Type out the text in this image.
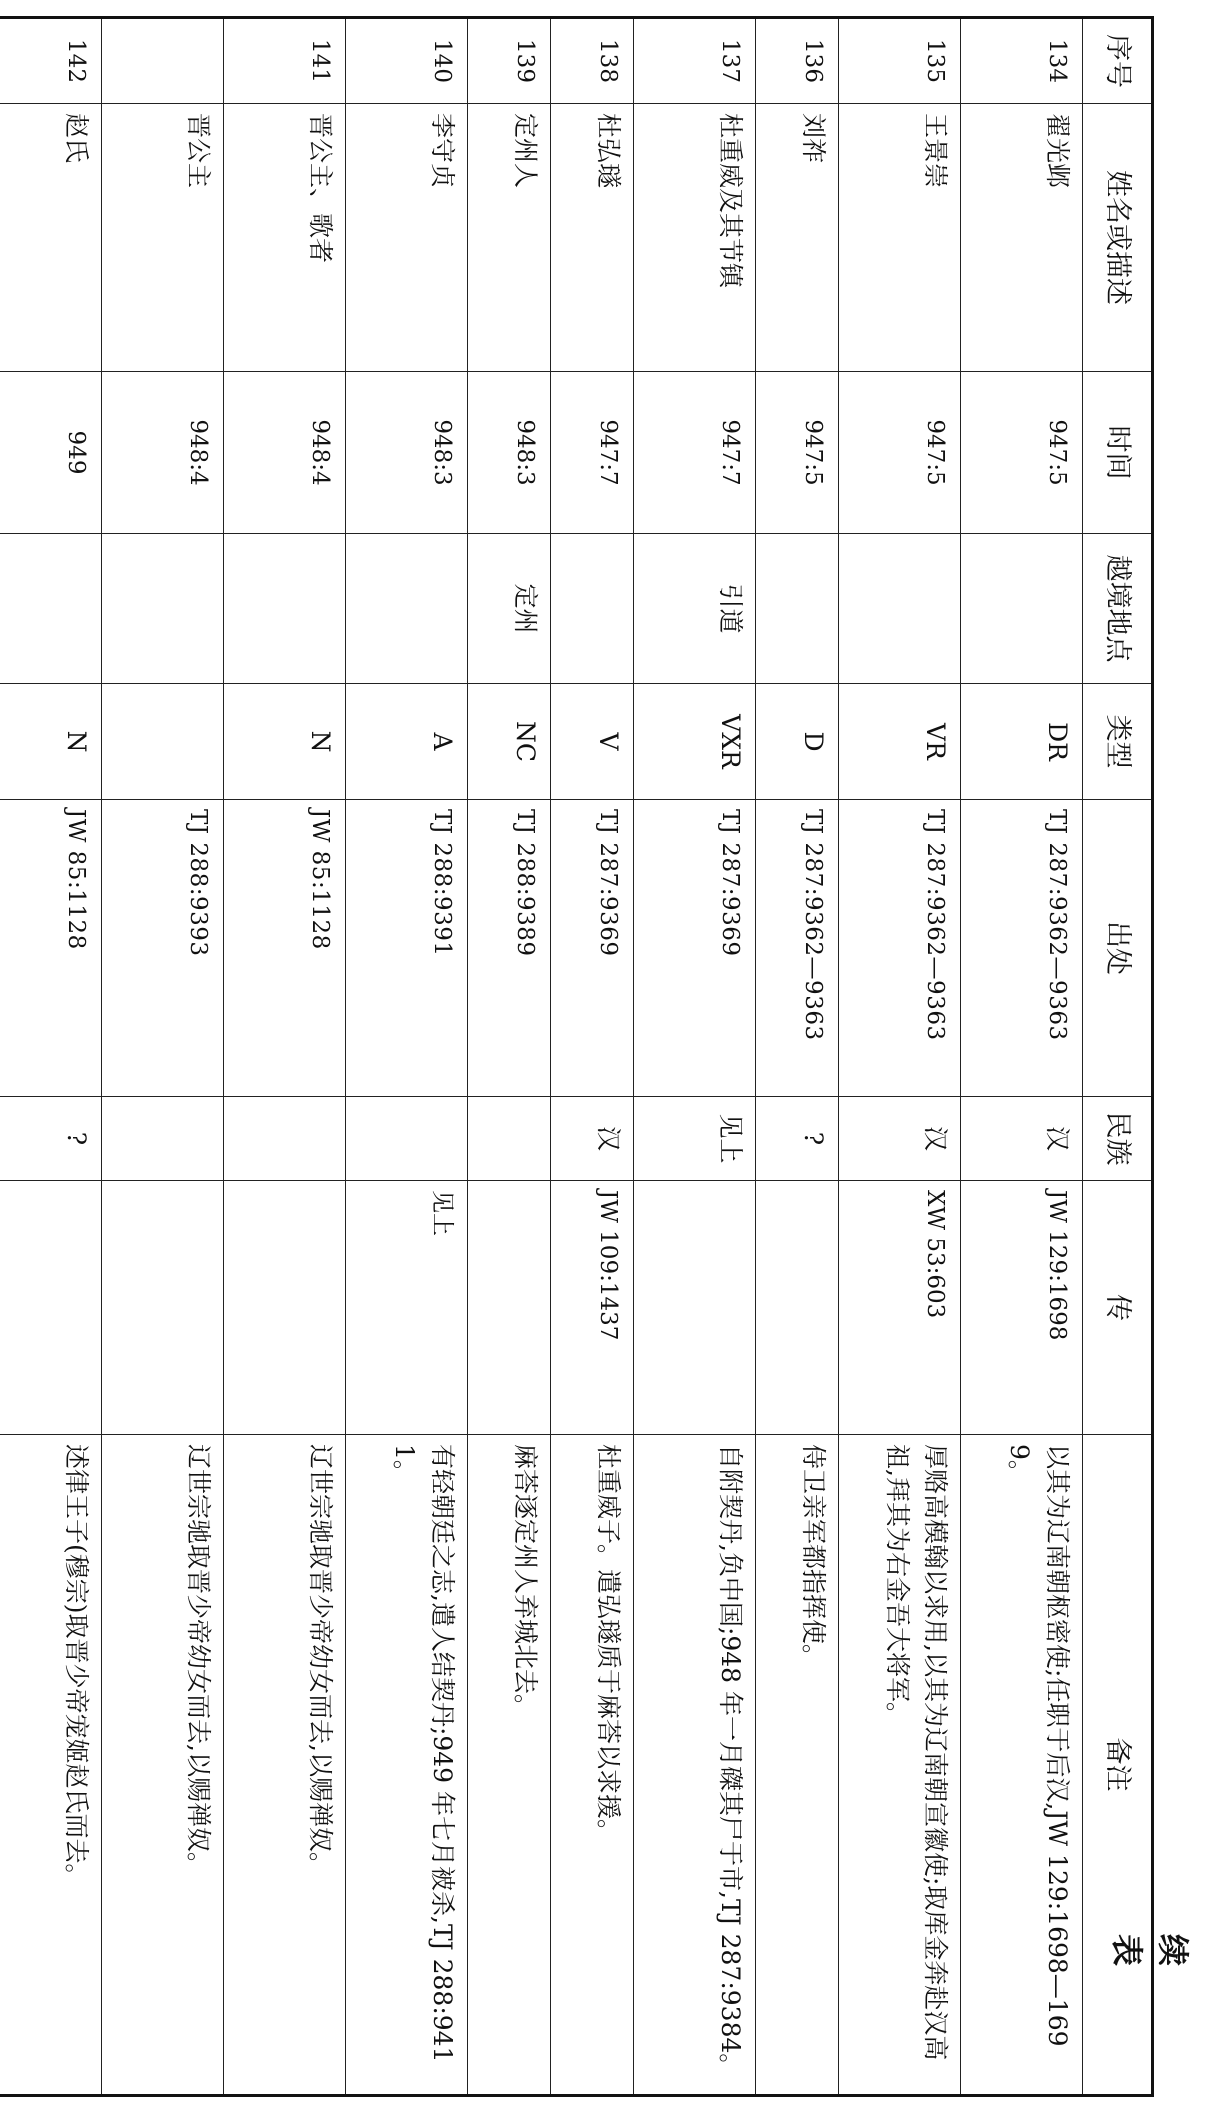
续 表
序号	姓名或描述	时间	越境地点	类型	出处	民族	传	备注
134	翟光邺	947:5		DR	TJ 287:9362—9363	汉	JW 129:1698	以其为辽南朝枢密使;任职于后汉,JW 129:1698—1699。
135	王景崇	947:5		VR	TJ 287:9362—9363	汉	XW 53:603	厚赂高模翰以求用,以其为辽南朝宣徽使;取库金奔赴汉高祖,拜其为右金吾大将军。
136	刘祚	947:5		D	TJ 287:9362—9363	?		侍卫亲军都指挥使。
137	杜重威及其节镇	947:7	引道	VXR	TJ 287:9369	见上		自附契丹,负中国;948 年一月磔其尸于市,TJ 287:9384。
138	杜弘璲	947:7		V	TJ 287:9369	汉	JW 109:1437	杜重威子。遣弘璲质于麻荅以求援。
139	定州人	948:3	定州	NC	TJ 288:9389			麻荅逐定州人弃城北去。
140	李守贞	948:3		A	TJ 288:9391		见上	有轻朝廷之志,遣人结契丹;949 年七月被杀,TJ 288:9411。
141	晋公主、歌者	948:4		N	JW 85:1128			辽世宗驰取晋少帝幼女而去,以赐禅奴。
	晋公主	948:4			TJ 288:9393			辽世宗驰取晋少帝幼女而去,以赐禅奴。
142	赵氏	949		N	JW 85:1128	?		述律王子(穆宗)取晋少帝宠姬赵氏而去。
